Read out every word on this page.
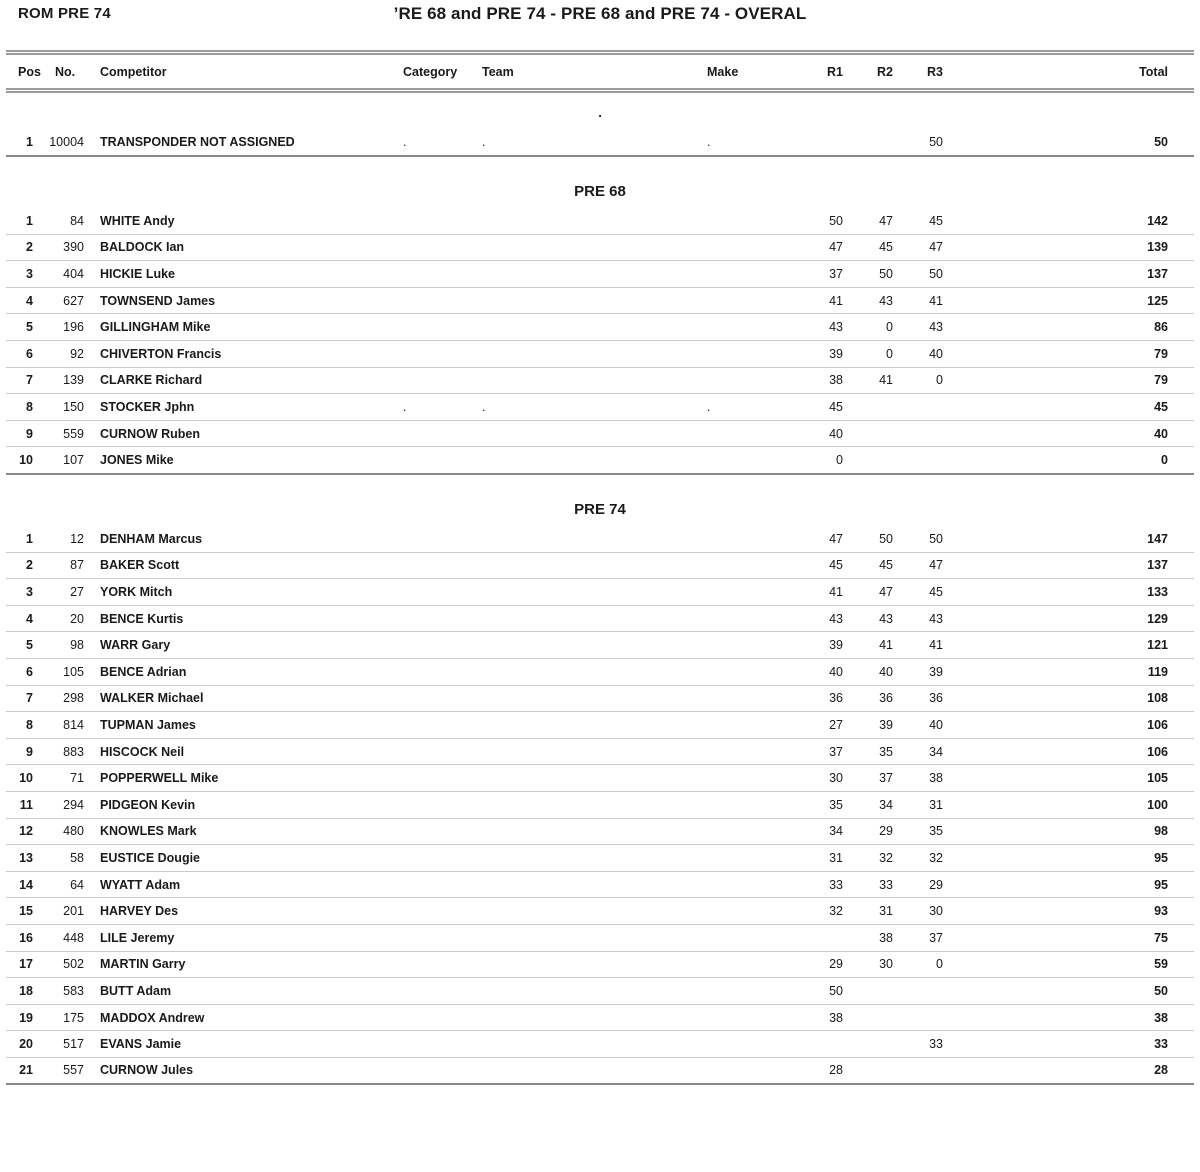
ROM PRE 74	’RE 68 and PRE 74 - PRE 68 and PRE 74 - OVERAL
Pos	No.	Competitor	Category	Team	Make	R1	R2	R3	Total
.									
1	10004	TRANSPONDER NOT ASSIGNED	.	.	.			50	50
PRE 68									
1	84	WHITE Andy				50	47	45	142
2	390	BALDOCK Ian				47	45	47	139
3	404	HICKIE Luke				37	50	50	137
4	627	TOWNSEND James				41	43	41	125
5	196	GILLINGHAM Mike				43	0	43	86
6	92	CHIVERTON Francis				39	0	40	79
7	139	CLARKE Richard				38	41	0	79
8	150	STOCKER Jphn	.	.	.	45			45
9	559	CURNOW Ruben				40			40
10	107	JONES Mike				0			0
PRE 74									
1	12	DENHAM Marcus				47	50	50	147
2	87	BAKER Scott				45	45	47	137
3	27	YORK Mitch				41	47	45	133
4	20	BENCE Kurtis				43	43	43	129
5	98	WARR Gary				39	41	41	121
6	105	BENCE Adrian				40	40	39	119
7	298	WALKER Michael				36	36	36	108
8	814	TUPMAN James				27	39	40	106
9	883	HISCOCK Neil				37	35	34	106
10	71	POPPERWELL Mike				30	37	38	105
11	294	PIDGEON Kevin				35	34	31	100
12	480	KNOWLES Mark				34	29	35	98
13	58	EUSTICE Dougie				31	32	32	95
14	64	WYATT Adam				33	33	29	95
15	201	HARVEY Des				32	31	30	93
16	448	LILE Jeremy					38	37	75
17	502	MARTIN Garry				29	30	0	59
18	583	BUTT Adam				50			50
19	175	MADDOX Andrew				38			38
20	517	EVANS Jamie						33	33
21	557	CURNOW Jules				28			28
